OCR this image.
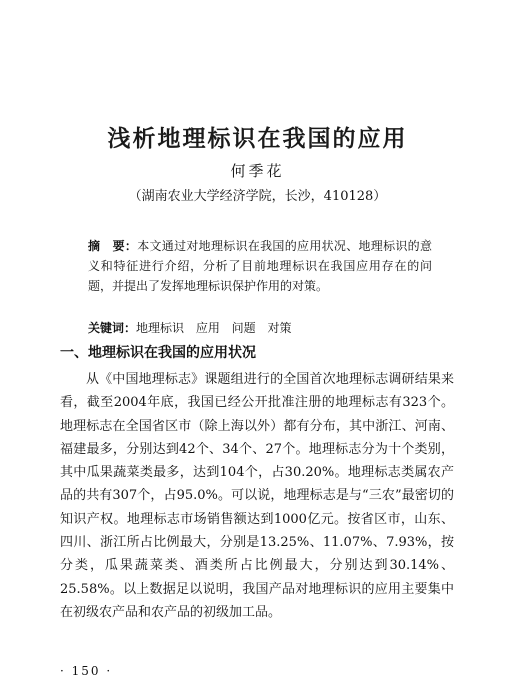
浅析地理标识在我国的应用
何季花
（湖南农业大学经济学院，长沙，410128）
摘　要：本文通过对地理标识在我国的应用状况、地理标识的意义和特征进行介绍，分析了目前地理标识在我国应用存在的问题，并提出了发挥地理标识保护作用的对策。
关键词：地理标识 应用 问题 对策
一、地理标识在我国的应用状况
从《中国地理标志》课题组进行的全国首次地理标志调研结果来看，截至2004年底，我国已经公开批准注册的地理标志有323个。地理标志在全国省区市（除上海以外）都有分布，其中浙江、河南、福建最多，分别达到42个、34个、27个。地理标志分为十个类别，其中瓜果蔬菜类最多，达到104个，占30.20%。地理标志类属农产品的共有307个，占95.0%。可以说，地理标志是与“三农”最密切的知识产权。地理标志市场销售额达到1000亿元。按省区市，山东、四川、浙江所占比例最大，分别是13.25%、11.07%、7.93%，按分类，瓜果蔬菜类、酒类所占比例最大，分别达到30.14%、25.58%。以上数据足以说明，我国产品对地理标识的应用主要集中在初级农产品和农产品的初级加工品。
· 150 ·
